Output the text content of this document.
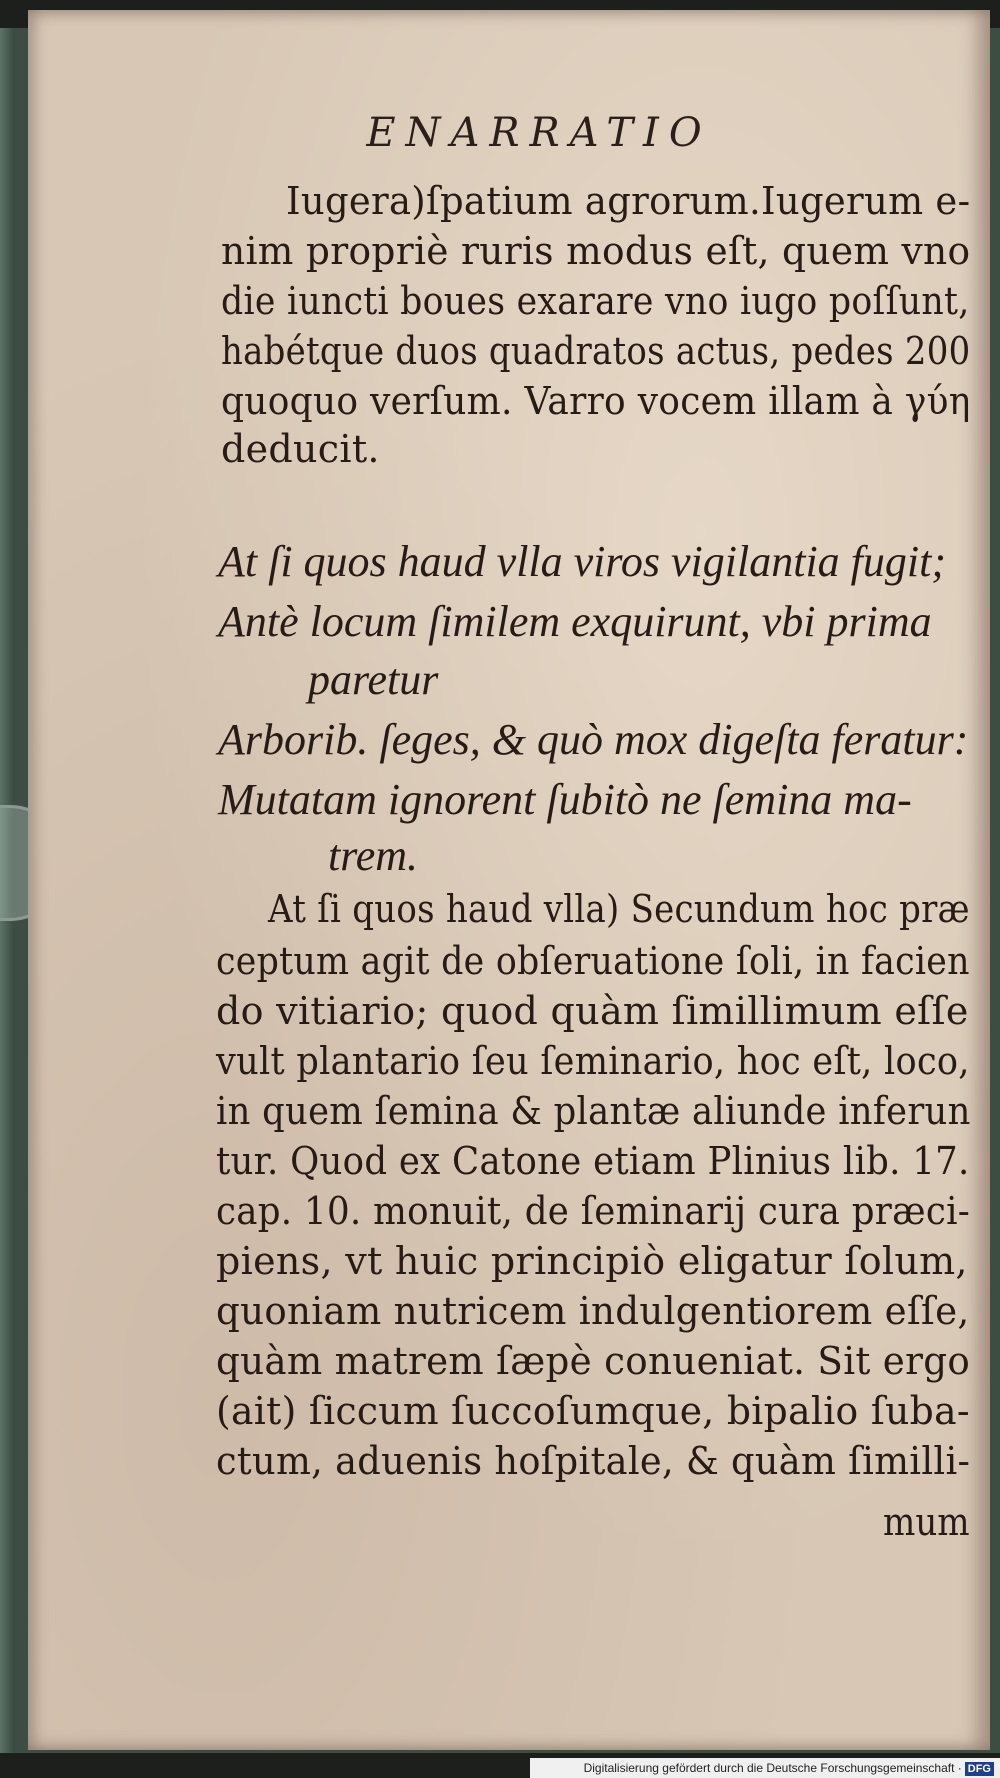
ENARRATIO
Iugera)ſpatium agrorum.Iugerum e-
nim propriè ruris modus eſt, quem vno
die iuncti boues exarare vno iugo poſſunt,
habétque duos quadratos actus, pedes 200
quoquo verſum. Varro vocem illam à γύη
deducit.
At ſi quos haud vlla viros vigilantia fugit;
Antè locum ſimilem exquirunt, vbi prima
paretur
Arborib. ſeges, & quò mox digeſta feratur:
Mutatam ignorent ſubitò ne ſemina ma-
trem.
At ſi quos haud vlla) Secundum hoc præ
ceptum agit de obſeruatione ſoli, in facien
do vitiario; quod quàm ſimillimum eſſe
vult plantario ſeu ſeminario, hoc eſt, loco,
in quem ſemina & plantæ aliunde inferun
tur. Quod ex Catone etiam Plinius lib. 17.
cap. 10. monuit, de ſeminarij cura præci-
piens, vt huic principiò eligatur ſolum,
quoniam nutricem indulgentiorem eſſe,
quàm matrem ſæpè conueniat. Sit ergo
(ait) ſiccum ſuccoſumque, bipalio ſuba-
ctum, aduenis hoſpitale, & quàm ſimilli-
mum
Digitalisierung gefördert durch die Deutsche Forschungsgemeinschaft · DFG
